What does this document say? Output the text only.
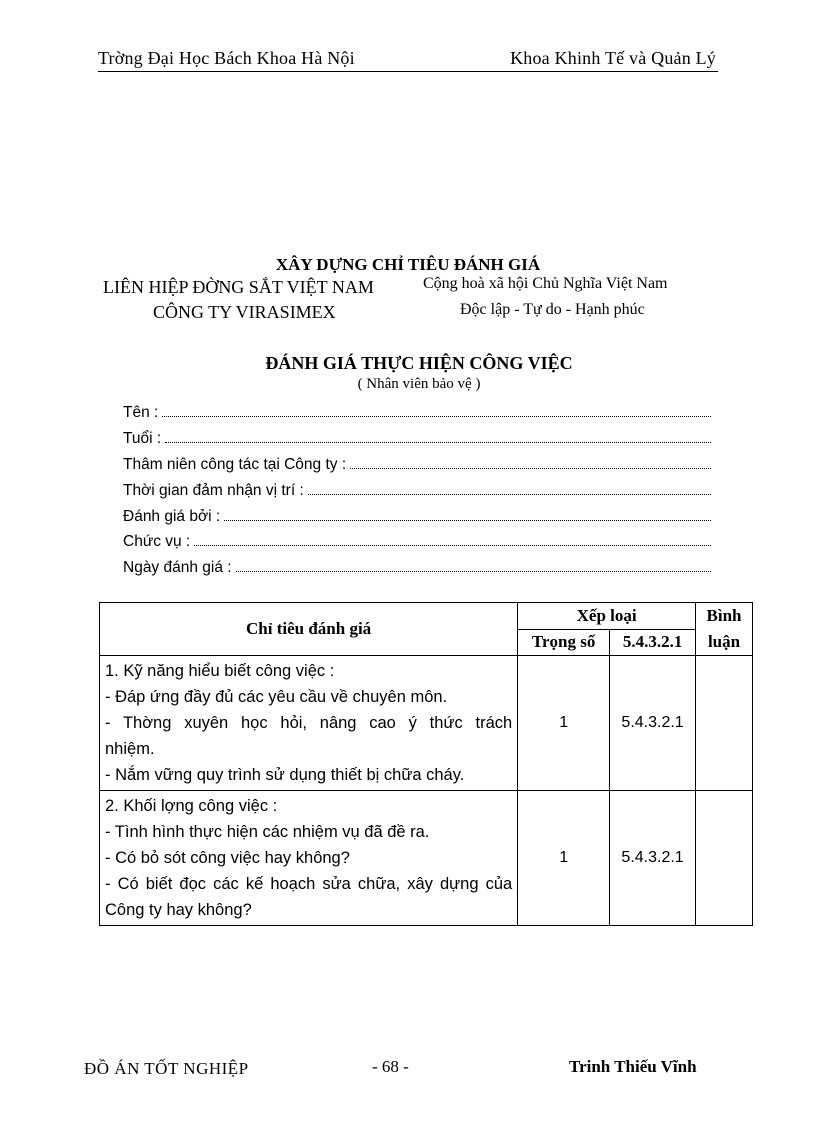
Trờng Đại Học Bách Khoa Hà Nội	Khoa Khinh Tế và Quản Lý
XÂY DỰNG CHỈ TIÊU ĐÁNH GIÁ
LIÊN HIỆP ĐỜNG SẮT VIỆT NAM
CÔNG TY VIRASIMEX
Cộng hoà xã hội Chủ Nghĩa Việt Nam
Độc lập - Tự do - Hạnh phúc
ĐÁNH GIÁ THỰC HIỆN CÔNG VIỆC
( Nhân viên bảo vệ )
Tên :
Tuổi :
Thâm niên công tác tại Công ty :
Thời gian đảm nhận vị trí :
Đánh giá bởi :
Chức vụ :
Ngày đánh giá :
Chỉ tiêu đánh giá	Xếp loại		Bình
luận

	Trọng số	5.4.3.2.1	

1. Kỹ năng hiểu biết công việc :
- Đáp ứng đầy đủ các yêu cầu về chuyên môn.
- Thờng xuyên học hỏi, nâng cao ý thức trách
nhiệm.
- Nắm vững quy trình sử dụng thiết bị chữa cháy.	1	5.4.3.2.1	

2. Khối lợng công việc :
- Tình hình thực hiện các nhiệm vụ đã đề ra.
- Có bỏ sót công việc hay không?
- Có biết đọc các kế hoạch sửa chữa, xây dựng của
Công ty hay không?	1	5.4.3.2.1	
ĐỒ ÁN TỐT NGHIỆP	- 68 -	Trinh Thiếu Vĩnh
